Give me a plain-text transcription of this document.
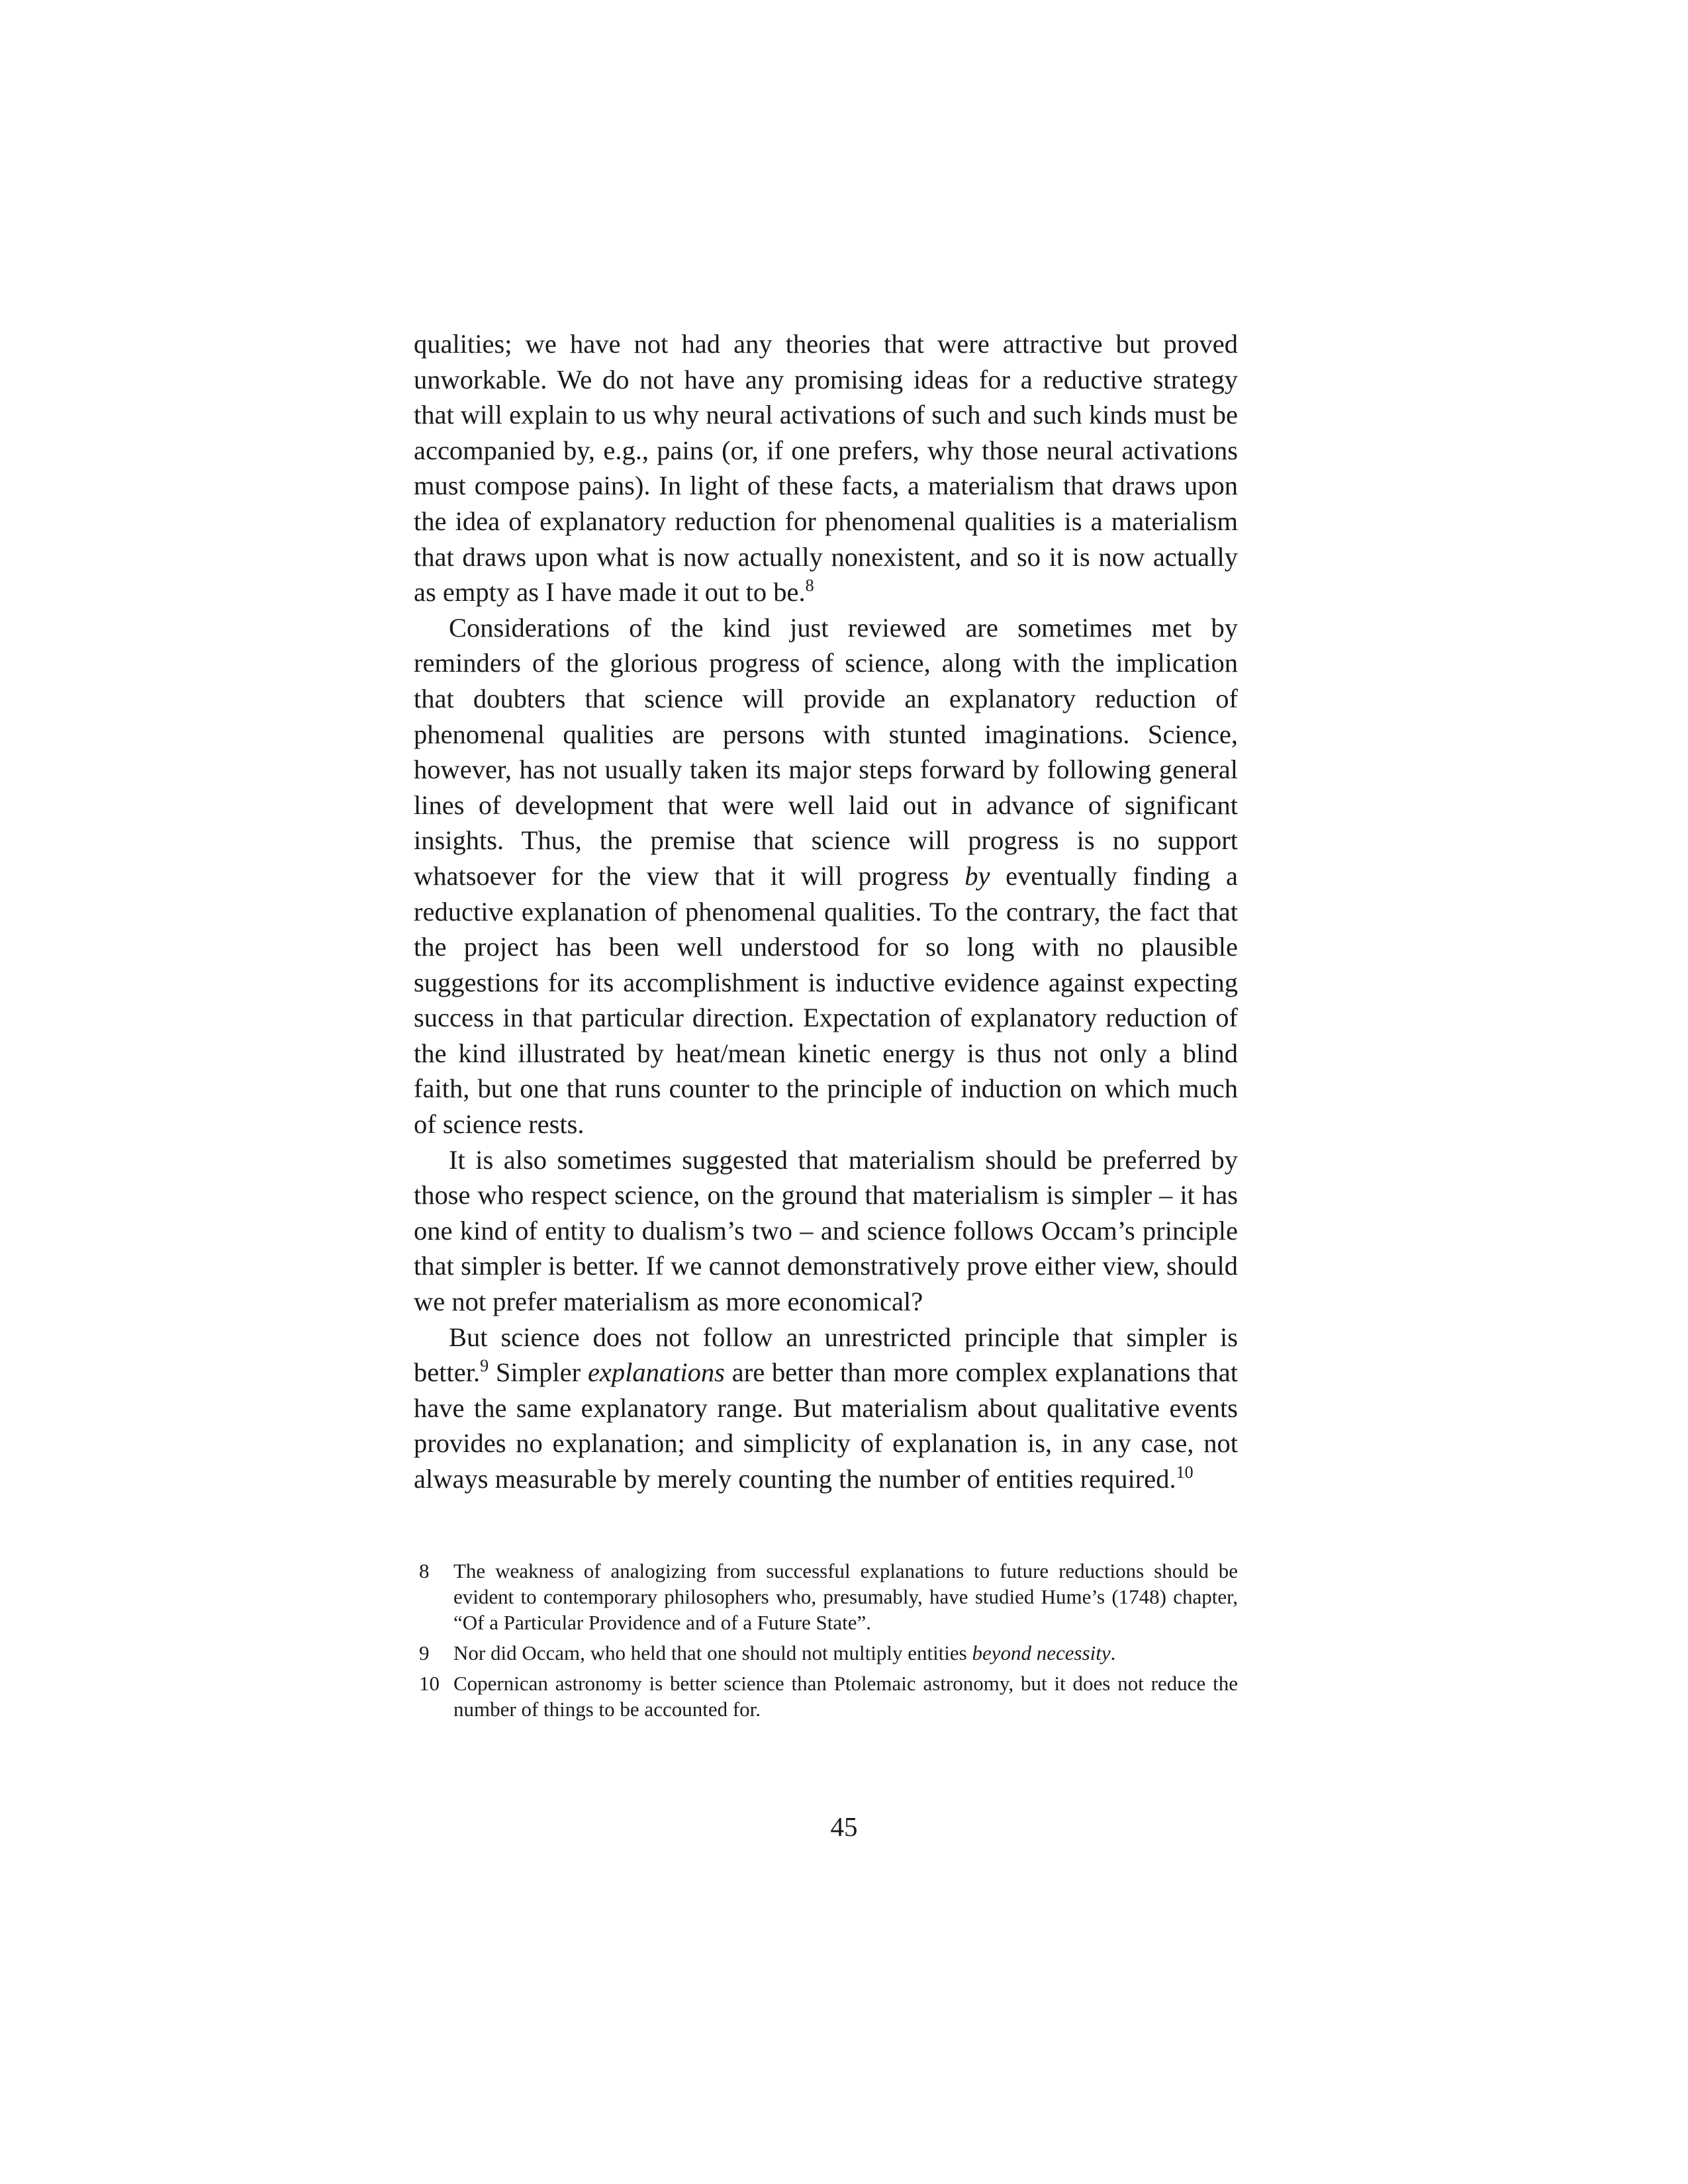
qualities; we have not had any theories that were attractive but proved unworkable. We do not have any promising ideas for a reductive strategy that will explain to us why neural activations of such and such kinds must be accompanied by, e.g., pains (or, if one prefers, why those neural activations must compose pains). In light of these facts, a materialism that draws upon the idea of explanatory reduction for phenomenal qualities is a materialism that draws upon what is now actually nonexistent, and so it is now actually as empty as I have made it out to be.$^8$

Considerations of the kind just reviewed are sometimes met by reminders of the glorious progress of science, along with the implication that doubters that science will provide an explanatory reduction of phenomenal qualities are persons with stunted imaginations. Science, however, has not usually taken its major steps forward by following general lines of development that were well laid out in advance of significant insights. Thus, the premise that science will progress is no support whatsoever for the view that it will progress by eventually finding a reductive explanation of phenomenal qualities. To the contrary, the fact that the project has been well understood for so long with no plausible suggestions for its accomplishment is inductive evidence against expecting success in that particular direction. Expectation of explanatory reduction of the kind illustrated by heat/mean kinetic energy is thus not only a blind faith, but one that runs counter to the principle of induction on which much of science rests.

It is also sometimes suggested that materialism should be preferred by those who respect science, on the ground that materialism is simpler – it has one kind of entity to dualism’s two – and science follows Occam’s principle that simpler is better. If we cannot demonstratively prove either view, should we not prefer materialism as more economical?

But science does not follow an unrestricted principle that simpler is better.$^9$ Simpler explanations are better than more complex explanations that have the same explanatory range. But materialism about qualitative events provides no explanation; and simplicity of explanation is, in any case, not always measurable by merely counting the number of entities required.$^{10}$

8	The weakness of analogizing from successful explanations to future reductions should be evident to contemporary philosophers who, presumably, have studied Hume’s (1748) chapter, “Of a Particular Providence and of a Future State”.
9	Nor did Occam, who held that one should not multiply entities beyond necessity.
10 Copernican astronomy is better science than Ptolemaic astronomy, but it does not reduce the number of things to be accounted for.
45
